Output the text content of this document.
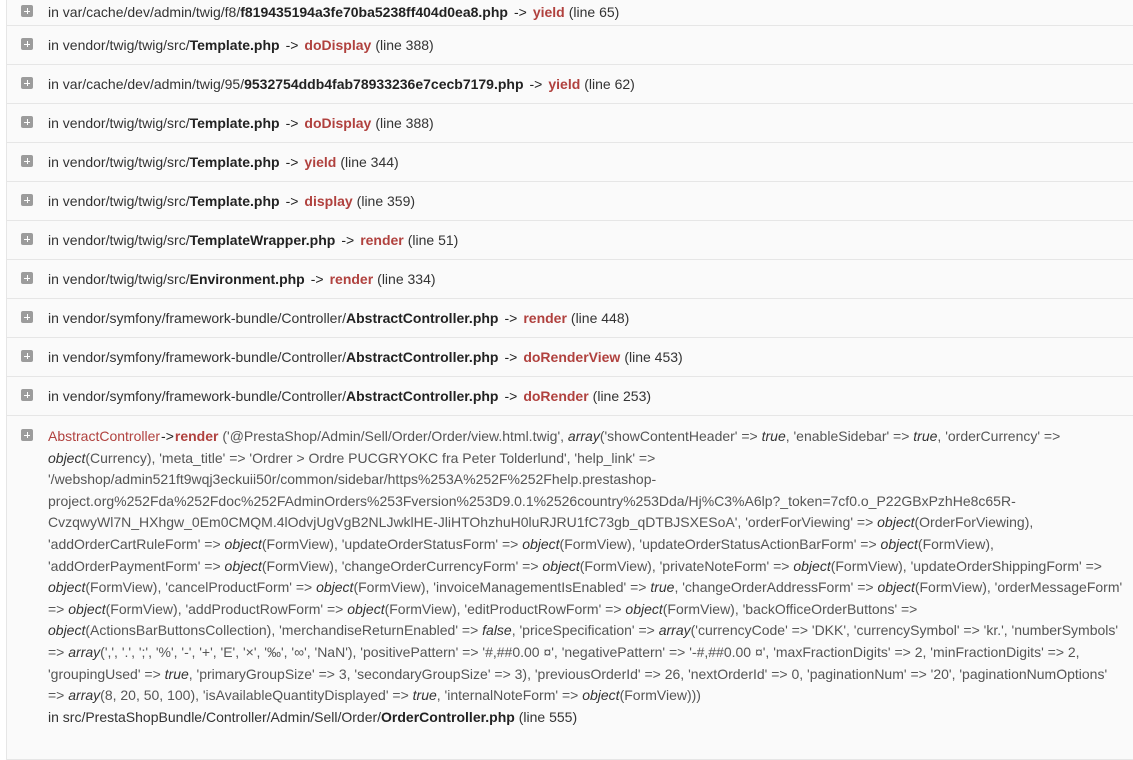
in var/cache/dev/admin/twig/f8/f819435194a3fe70ba5238ff404d0ea8.php -> yield (line 65)
in vendor/twig/twig/src/Template.php -> doDisplay (line 388)
in var/cache/dev/admin/twig/95/9532754ddb4fab78933236e7cecb7179.php -> yield (line 62)
in vendor/twig/twig/src/Template.php -> doDisplay (line 388)
in vendor/twig/twig/src/Template.php -> yield (line 344)
in vendor/twig/twig/src/Template.php -> display (line 359)
in vendor/twig/twig/src/TemplateWrapper.php -> render (line 51)
in vendor/twig/twig/src/Environment.php -> render (line 334)
in vendor/symfony/framework-bundle/Controller/AbstractController.php -> render (line 448)
in vendor/symfony/framework-bundle/Controller/AbstractController.php -> doRenderView (line 453)
in vendor/symfony/framework-bundle/Controller/AbstractController.php -> doRender (line 253)
AbstractController->render ('@PrestaShop/Admin/Sell/Order/Order/view.html.twig', array('showContentHeader' => true, 'enableSidebar' => true, 'orderCurrency' => object(Currency), 'meta_title' => 'Ordrer > Ordre PUCGRYOKC fra Peter Tolderlund', 'help_link' => '/webshop/admin521ft9wqj3eckuii50r/common/sidebar/https%253A%252F%252Fhelp.prestashop-project.org%252Fda%252Fdoc%252FAdminOrders%253Fversion%253D9.0.1%2526country%253Dda/Hj%C3%A6lp?_token=7cf0.o_P22GBxPzhHe8c65R-CvzqwyWl7N_HXhgw_0Em0CMQM.4lOdvjUgVgB2NLJwklHE-JliHTOhzhuH0luRJRU1fC73gb_qDTBJSXESoA', 'orderForViewing' => object(OrderForViewing), 'addOrderCartRuleForm' => object(FormView), 'updateOrderStatusForm' => object(FormView), 'updateOrderStatusActionBarForm' => object(FormView), 'addOrderPaymentForm' => object(FormView), 'changeOrderCurrencyForm' => object(FormView), 'privateNoteForm' => object(FormView), 'updateOrderShippingForm' => object(FormView), 'cancelProductForm' => object(FormView), 'invoiceManagementIsEnabled' => true, 'changeOrderAddressForm' => object(FormView), 'orderMessageForm' => object(FormView), 'addProductRowForm' => object(FormView), 'editProductRowForm' => object(FormView), 'backOfficeOrderButtons' => object(ActionsBarButtonsCollection), 'merchandiseReturnEnabled' => false, 'priceSpecification' => array('currencyCode' => 'DKK', 'currencySymbol' => 'kr.', 'numberSymbols' => array(',', '.', ';', '%', '-', '+', 'E', '×', '‰', '∞', 'NaN'), 'positivePattern' => '#,##0.00 ¤', 'negativePattern' => '-#,##0.00 ¤', 'maxFractionDigits' => 2, 'minFractionDigits' => 2, 'groupingUsed' => true, 'primaryGroupSize' => 3, 'secondaryGroupSize' => 3), 'previousOrderId' => 26, 'nextOrderId' => 0, 'paginationNum' => '20', 'paginationNumOptions' => array(8, 20, 50, 100), 'isAvailableQuantityDisplayed' => true, 'internalNoteForm' => object(FormView)))
in src/PrestaShopBundle/Controller/Admin/Sell/Order/OrderController.php (line 555)
